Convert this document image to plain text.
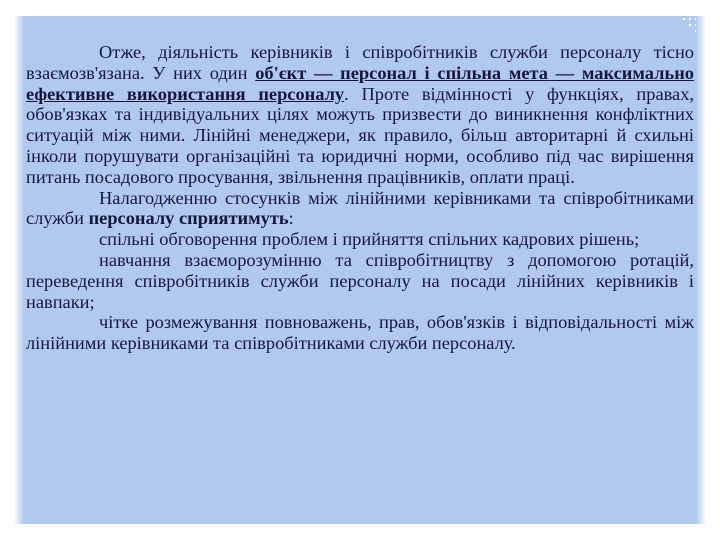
Отже, діяльність керівників і співробітників служби персоналу тісно взаємозв'язана. У них один об'єкт — персонал і спільна мета — максимально ефективне використання персоналу. Проте відмінності у функціях, правах, обов'язках та індивідуальних цілях можуть призвести до виникнення конфліктних ситуацій між ними. Лінійні менеджери, як правило, більш авторитарні й схильні інколи порушувати організаційні та юридичні норми, особливо під час вирішення питань посадового просування, звільнення працівників, оплати праці.

Налагодженню стосунків між лінійними керівниками та співробітниками служби персоналу сприятимуть:

спільні обговорення проблем і прийняття спільних кадрових рішень;

навчання взаєморозумінню та співробітництву з допомогою ротацій, переведення співробітників служби персоналу на посади лінійних керівників і навпаки;

чітке розмежування повноважень, прав, обов'язків і відповідальності між лінійними керівниками та співробітниками служби персоналу.
